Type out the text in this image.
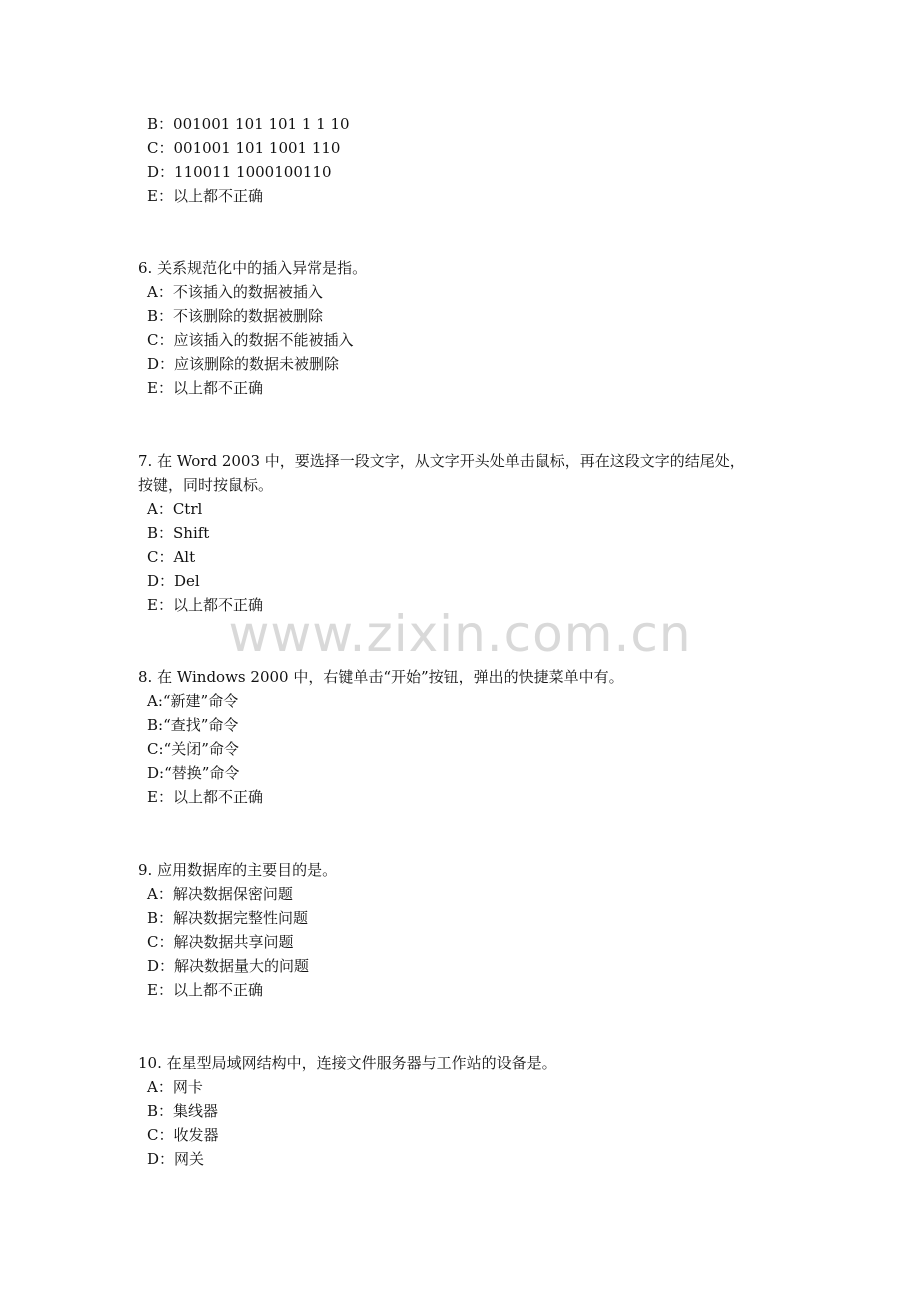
B：001001 101 101 1 1 10
C：001001 101 1001 110
D：110011 1000100110
E：以上都不正确
6. 关系规范化中的插入异常是指。
A：不该插入的数据被插入
B：不该删除的数据被删除
C：应该插入的数据不能被插入
D：应该删除的数据未被删除
E：以上都不正确
7. 在 Word 2003 中，要选择一段文字，从文字开头处单击鼠标，再在这段文字的结尾处，
按键，同时按鼠标。
A：Ctrl
B：Shift
C：Alt
D：Del
E：以上都不正确
www.zixin.com.cn
8. 在 Windows 2000 中，右键单击“开始”按钮，弹出的快捷菜单中有。
A:“新建”命令
B:“查找”命令
C:“关闭”命令
D:“替换”命令
E：以上都不正确
9. 应用数据库的主要目的是。
A：解决数据保密问题
B：解决数据完整性问题
C：解决数据共享问题
D：解决数据量大的问题
E：以上都不正确
10. 在星型局域网结构中，连接文件服务器与工作站的设备是。
A：网卡
B：集线器
C：收发器
D：网关
